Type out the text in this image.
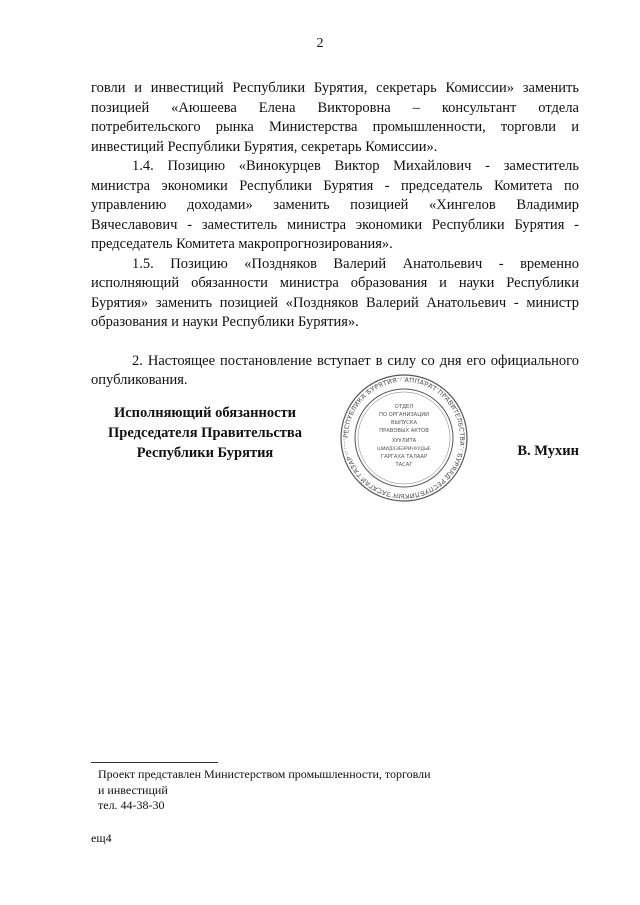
2

говли и инвестиций Республики Бурятия, секретарь Комиссии» заменить позицией «Аюшеева Елена Викторовна – консультант отдела потребительского рынка Министерства промышленности, торговли и инвестиций Республики Бурятия, секретарь Комиссии».

1.4. Позицию «Винокурцев Виктор Михайлович - заместитель министра экономики Республики Бурятия - председатель Комитета по управлению доходами» заменить позицией «Хингелов Владимир Вячеславович - заместитель министра экономики Республики Бурятия - председатель Комитета макропрогнозирования».

1.5. Позицию «Поздняков Валерий Анатольевич - временно исполняющий обязанности министра образования и науки Республики Бурятия» заменить позицией «Поздняков Валерий Анатольевич - министр образования и науки Республики Бурятия».

2. Настоящее постановление вступает в силу со дня его официального опубликования.

Исполняющий обязанности
Председателя Правительства
Республики Бурятия
РЕСПУБЛИКА БУРЯТИЯ · АППАРАТ ПРАВИТЕЛЬСТВА · БУРЯАД РЕСПУБЛИКЫН ЗАСАГАЙ ГАЗАР ·
ОТДЕЛ
ПО ОРГАНИЗАЦИИ
ВЫПУСКА
ПРАВОВЫХ АКТОВ
ХУУЛИТА
ШИИДХЭБЭРИНУУДЫЕ
ГАРГАХА ТАЛААР
ТАСАГ
В. Мухин
Проект представлен Министерством промышленности, торговли
и инвестиций
тел. 44-38-30
ещ4
